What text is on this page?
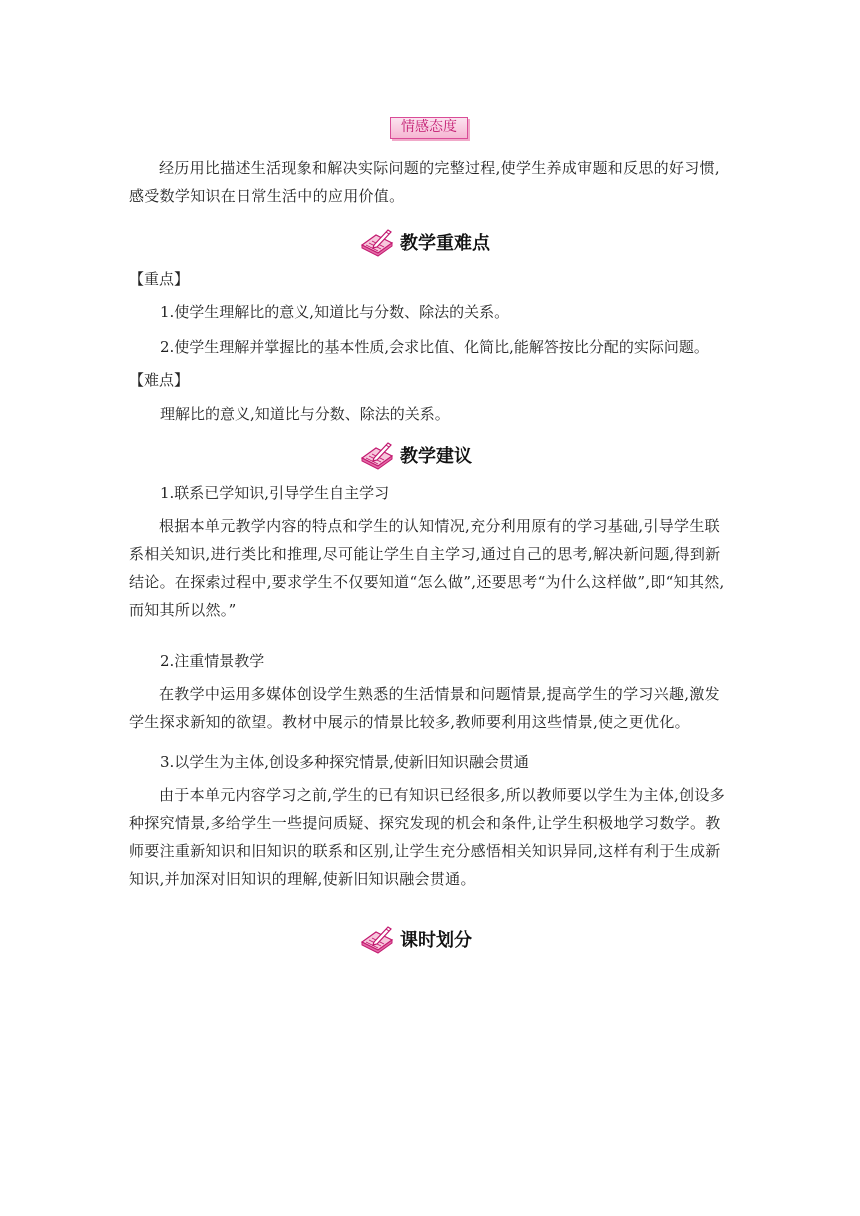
情感态度

经历用比描述生活现象和解决实际问题的完整过程,使学生养成审题和反思的好习惯,感受数学知识在日常生活中的应用价值。

教学重难点
【重点】
1.使学生理解比的意义,知道比与分数、除法的关系。
2.使学生理解并掌握比的基本性质,会求比值、化简比,能解答按比分配的实际问题。
【难点】
理解比的意义,知道比与分数、除法的关系。
教学建议
1.联系已学知识,引导学生自主学习

根据本单元教学内容的特点和学生的认知情况,充分利用原有的学习基础,引导学生联系相关知识,进行类比和推理,尽可能让学生自主学习,通过自己的思考,解决新问题,得到新结论。在探索过程中,要求学生不仅要知道“怎么做”,还要思考“为什么这样做”,即“知其然,而知其所以然。”

2.注重情景教学

在教学中运用多媒体创设学生熟悉的生活情景和问题情景,提高学生的学习兴趣,激发学生探求新知的欲望。教材中展示的情景比较多,教师要利用这些情景,使之更优化。

3.以学生为主体,创设多种探究情景,使新旧知识融会贯通

由于本单元内容学习之前,学生的已有知识已经很多,所以教师要以学生为主体,创设多种探究情景,多给学生一些提问质疑、探究发现的机会和条件,让学生积极地学习数学。教师要注重新知识和旧知识的联系和区别,让学生充分感悟相关知识异同,这样有利于生成新知识,并加深对旧知识的理解,使新旧知识融会贯通。

课时划分
